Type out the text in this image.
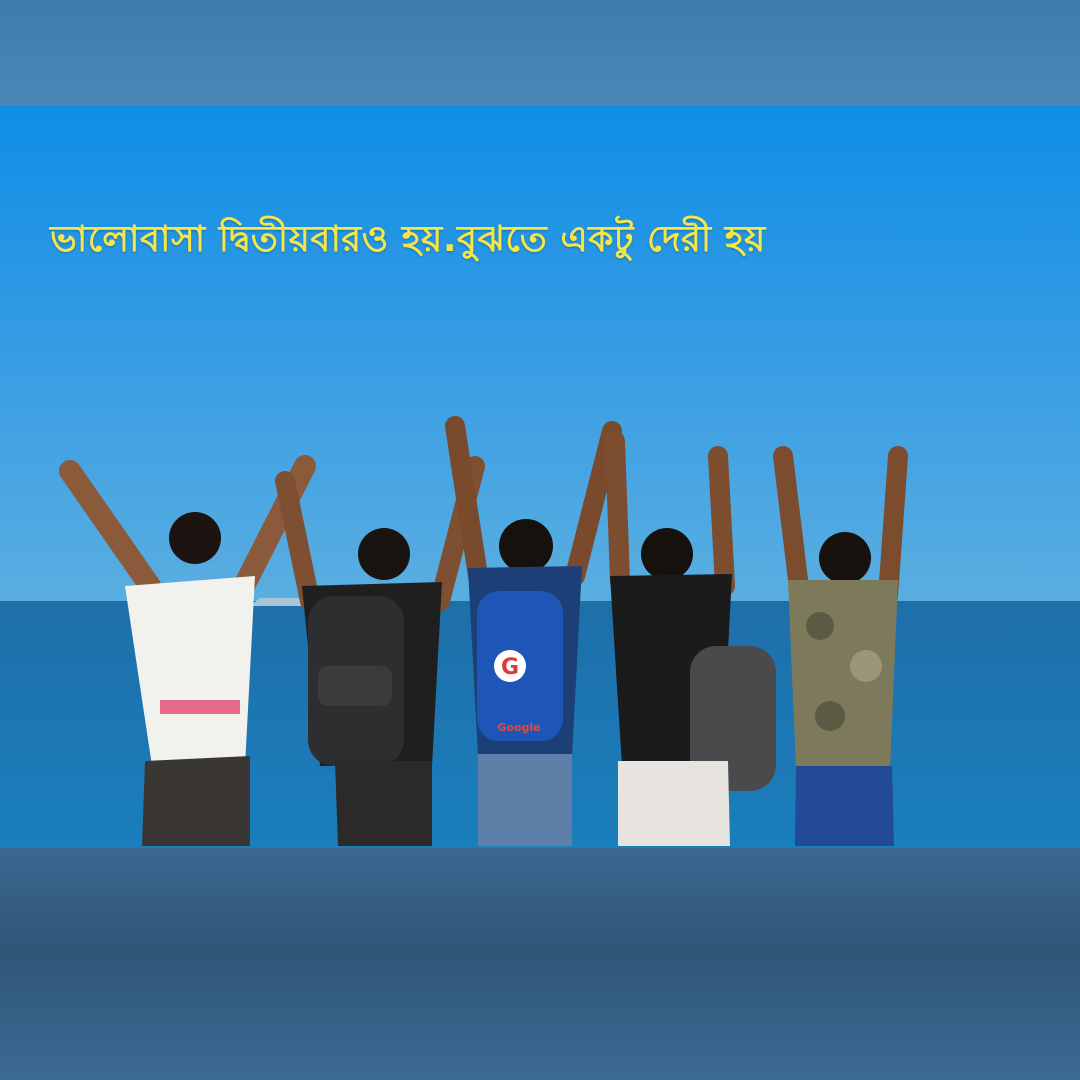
G
Google
ভালোবাসা দ্বিতীয়বারও হয়.বুঝতে একটু দেরী হয়
